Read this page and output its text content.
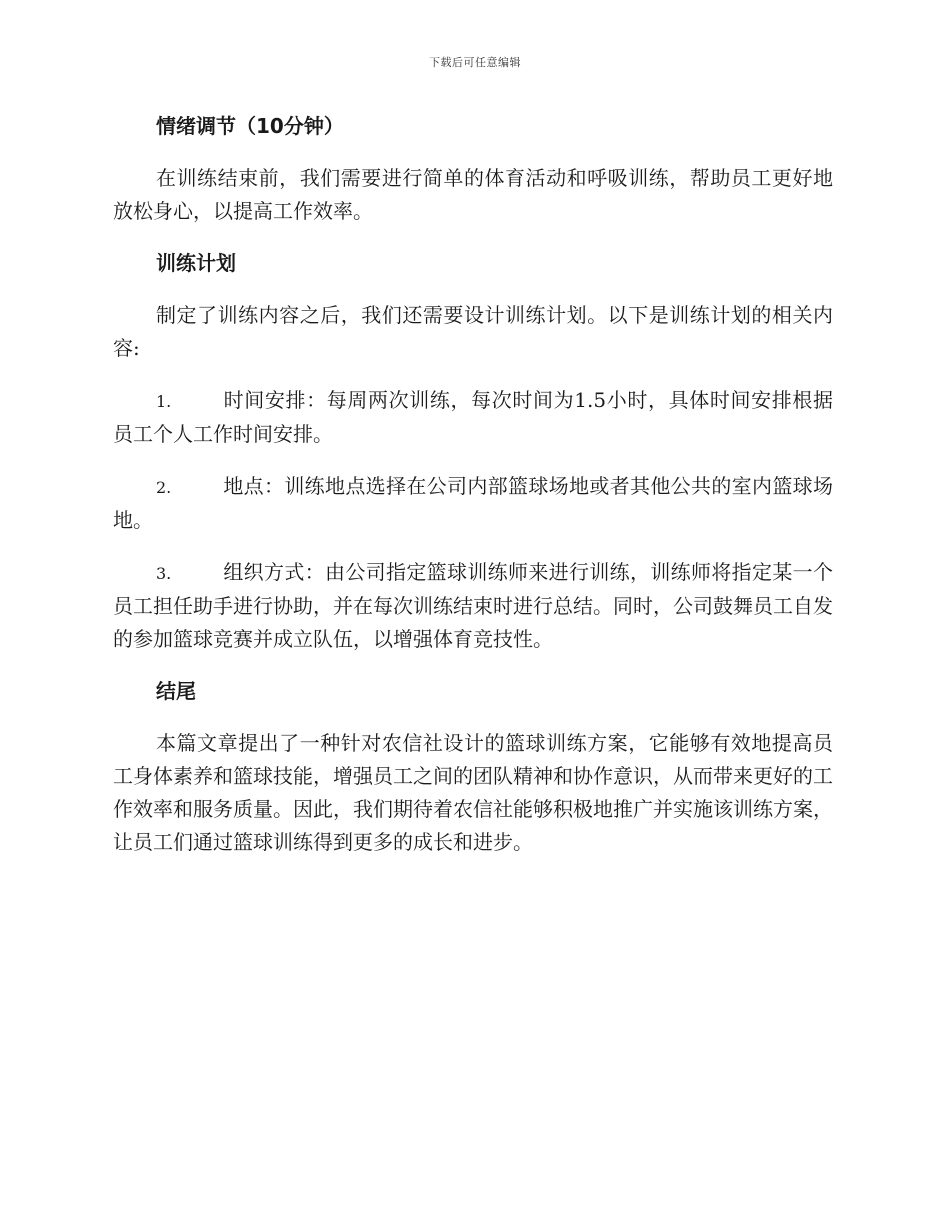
下载后可任意编辑
情绪调节（10分钟）

在训练结束前，我们需要进行简单的体育活动和呼吸训练，帮助员工更好地放松身心，以提高工作效率。

训练计划

制定了训练内容之后，我们还需要设计训练计划。以下是训练计划的相关内容:

1.	时间安排：每周两次训练，每次时间为1.5小时，具体时间安排根据员工个人工作时间安排。

2.	地点：训练地点选择在公司内部篮球场地或者其他公共的室内篮球场地。

3.	组织方式：由公司指定篮球训练师来进行训练，训练师将指定某一个员工担任助手进行协助，并在每次训练结束时进行总结。同时，公司鼓舞员工自发的参加篮球竞赛并成立队伍，以增强体育竞技性。

结尾

本篇文章提出了一种针对农信社设计的篮球训练方案，它能够有效地提高员工身体素养和篮球技能，增强员工之间的团队精神和协作意识，从而带来更好的工作效率和服务质量。因此，我们期待着农信社能够积极地推广并实施该训练方案，让员工们通过篮球训练得到更多的成长和进步。
